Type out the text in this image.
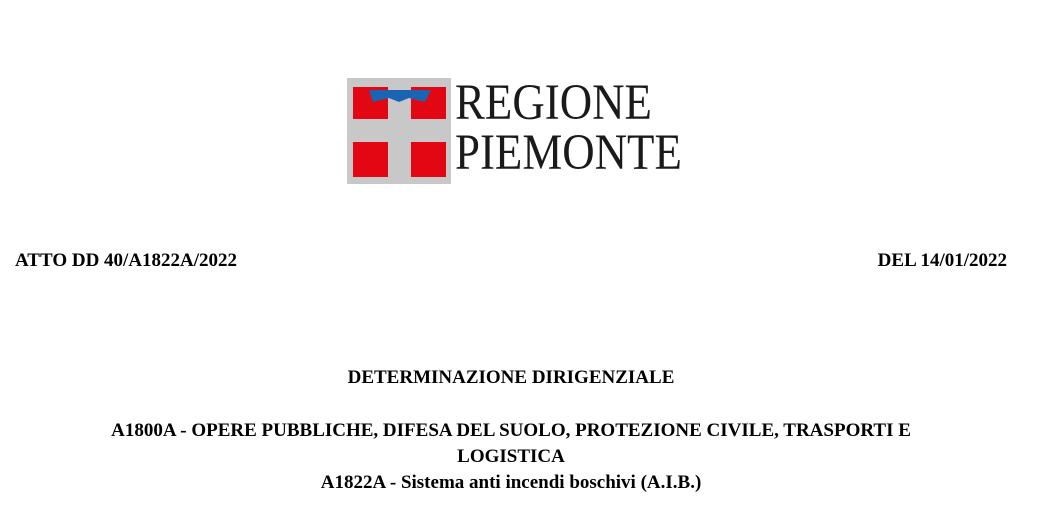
REGIONE
PIEMONTE
ATTO DD 40/A1822A/2022	DEL 14/01/2022
DETERMINAZIONE DIRIGENZIALE
A1800A - OPERE PUBBLICHE, DIFESA DEL SUOLO, PROTEZIONE CIVILE, TRASPORTI E
LOGISTICA
A1822A - Sistema anti incendi boschivi (A.I.B.)
